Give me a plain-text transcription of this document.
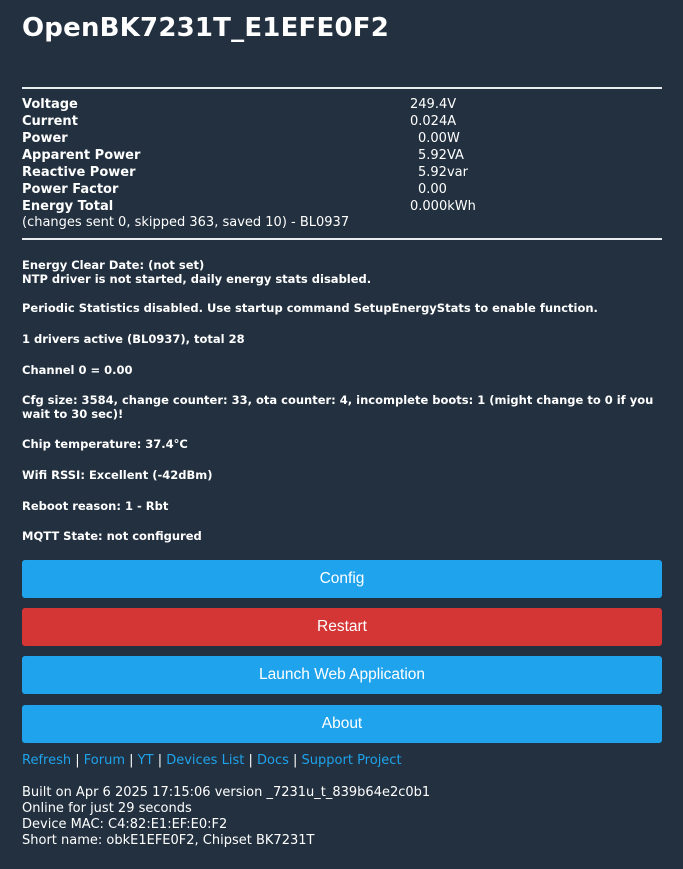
OpenBK7231T_E1EFE0F2
Voltage	249.4V
Current	0.024A
Power	0.00W
Apparent Power	5.92VA
Reactive Power	5.92var
Power Factor	0.00
Energy Total	0.000kWh
(changes sent 0, skipped 363, saved 10) - BL0937
Energy Clear Date: (not set)
NTP driver is not started, daily energy stats disabled.
Periodic Statistics disabled. Use startup command SetupEnergyStats to enable function.
1 drivers active (BL0937), total 28
Channel 0 = 0.00
Cfg size: 3584, change counter: 33, ota counter: 4, incomplete boots: 1 (might change to 0 if you wait to 30 sec)!
Chip temperature: 37.4°C
Wifi RSSI: Excellent (-42dBm)
Reboot reason: 1 - Rbt
MQTT State: not configured
Config
Restart
Launch Web Application
About
Refresh | Forum | YT | Devices List | Docs | Support Project
Built on Apr 6 2025 17:15:06 version _7231u_t_839b64e2c0b1
Online for just 29 seconds
Device MAC: C4:82:E1:EF:E0:F2
Short name: obkE1EFE0F2, Chipset BK7231T
